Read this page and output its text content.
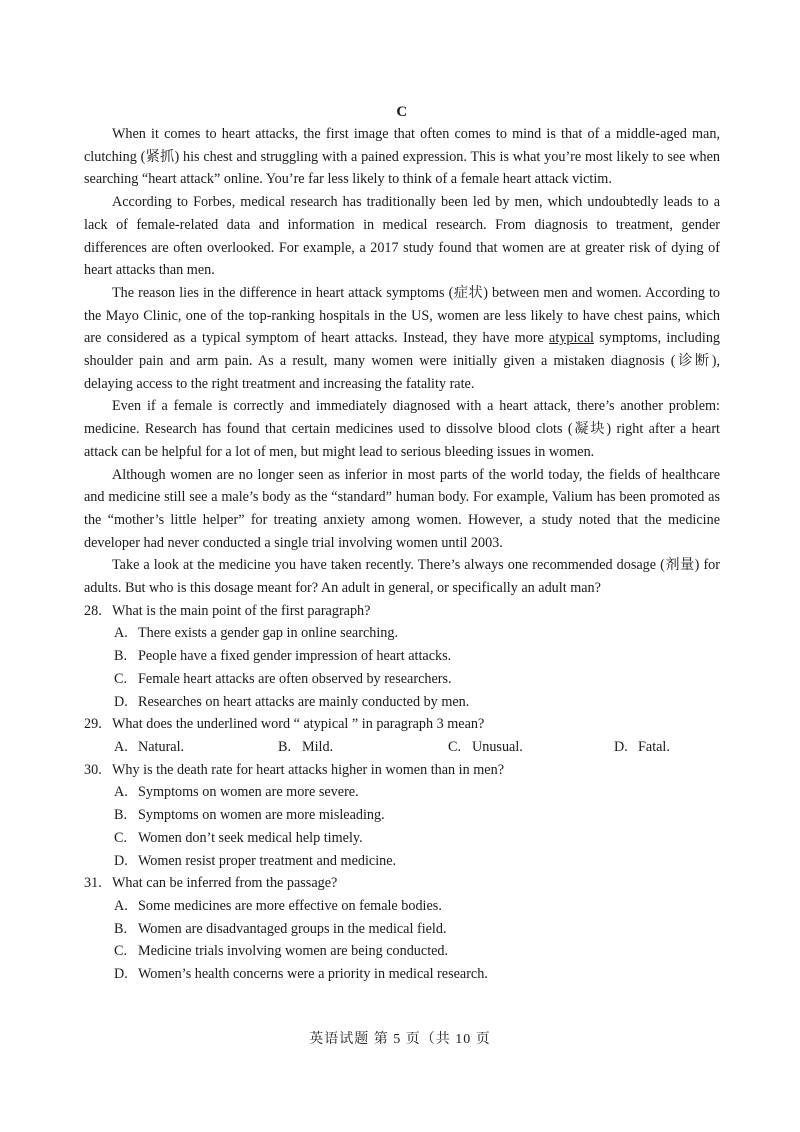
C

When it comes to heart attacks, the first image that often comes to mind is that of a middle-aged man, clutching (紧抓) his chest and struggling with a pained expression. This is what you’re most likely to see when searching “heart attack” online. You’re far less likely to think of a female heart attack victim.

According to Forbes, medical research has traditionally been led by men, which undoubtedly leads to a lack of female-related data and information in medical research. From diagnosis to treatment, gender differences are often overlooked. For example, a 2017 study found that women are at greater risk of dying of heart attacks than men.

The reason lies in the difference in heart attack symptoms (症状) between men and women. According to the Mayo Clinic, one of the top-ranking hospitals in the US, women are less likely to have chest pains, which are considered as a typical symptom of heart attacks. Instead, they have more atypical symptoms, including shoulder pain and arm pain. As a result, many women were initially given a mistaken diagnosis (诊断), delaying access to the right treatment and increasing the fatality rate.

Even if a female is correctly and immediately diagnosed with a heart attack, there’s another problem: medicine. Research has found that certain medicines used to dissolve blood clots (凝块) right after a heart attack can be helpful for a lot of men, but might lead to serious bleeding issues in women.

Although women are no longer seen as inferior in most parts of the world today, the fields of healthcare and medicine still see a male’s body as the “standard” human body. For example, Valium has been promoted as the “mother’s little helper” for treating anxiety among women. However, a study noted that the medicine developer had never conducted a single trial involving women until 2003.

Take a look at the medicine you have taken recently. There’s always one recommended dosage (剂量) for adults. But who is this dosage meant for? An adult in general, or specifically an adult man?

28. What is the main point of the first paragraph?

A. There exists a gender gap in online searching.

B. People have a fixed gender impression of heart attacks.

C. Female heart attacks are often observed by researchers.

D. Researches on heart attacks are mainly conducted by men.

29. What does the underlined word “ atypical ” in paragraph 3 mean?

A. Natural.	B. Mild.	C. Unusual.	D. Fatal.

30. Why is the death rate for heart attacks higher in women than in men?

A. Symptoms on women are more severe.

B. Symptoms on women are more misleading.

C. Women don’t seek medical help timely.

D. Women resist proper treatment and medicine.

31. What can be inferred from the passage?

A. Some medicines are more effective on female bodies.

B. Women are disadvantaged groups in the medical field.

C. Medicine trials involving women are being conducted.

D. Women’s health concerns were a priority in medical research.

英语试题 第 5 页（共 10 页
